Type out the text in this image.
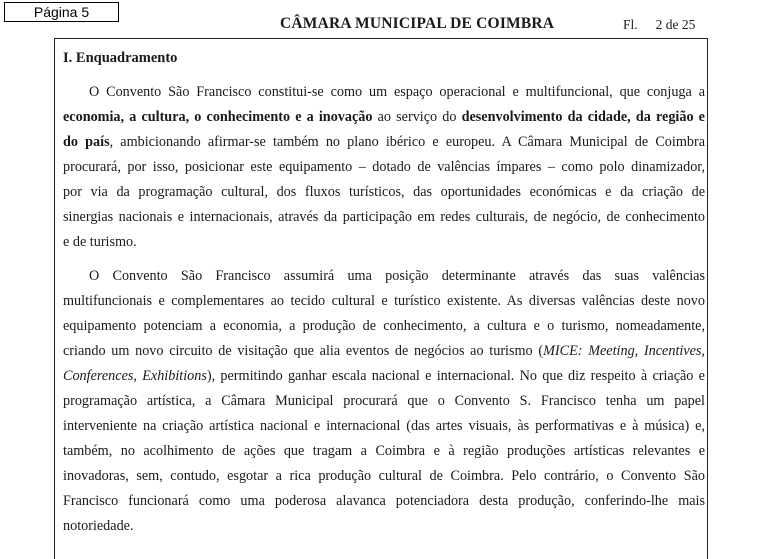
Página 5
CÂMARA MUNICIPAL DE COIMBRA	Fl. 2 de 25
I. Enquadramento
O Convento São Francisco constitui-se como um espaço operacional e multifuncional, que conjuga a
economia, a cultura, o conhecimento e a inovação ao serviço do desenvolvimento da cidade, da região e
do país, ambicionando afirmar-se também no plano ibérico e europeu. A Câmara Municipal de Coimbra
procurará, por isso, posicionar este equipamento – dotado de valências ímpares – como polo dinamizador,
por via da programação cultural, dos fluxos turísticos, das oportunidades económicas e da criação de
sinergias nacionais e internacionais, através da participação em redes culturais, de negócio, de conhecimento
e de turismo.
O Convento São Francisco assumirá uma posição determinante através das suas valências
multifuncionais e complementares ao tecido cultural e turístico existente. As diversas valências deste novo
equipamento potenciam a economia, a produção de conhecimento, a cultura e o turismo, nomeadamente,
criando um novo circuito de visitação que alia eventos de negócios ao turismo (MICE: Meeting, Incentives,
Conferences, Exhibitions), permitindo ganhar escala nacional e internacional. No que diz respeito à criação e
programação artística, a Câmara Municipal procurará que o Convento S. Francisco tenha um papel
interveniente na criação artística nacional e internacional (das artes visuais, às performativas e à música) e,
também, no acolhimento de ações que tragam a Coimbra e à região produções artísticas relevantes e
inovadoras, sem, contudo, esgotar a rica produção cultural de Coimbra. Pelo contrário, o Convento São
Francisco funcionará como uma poderosa alavanca potenciadora desta produção, conferindo-lhe mais
notoriedade.
